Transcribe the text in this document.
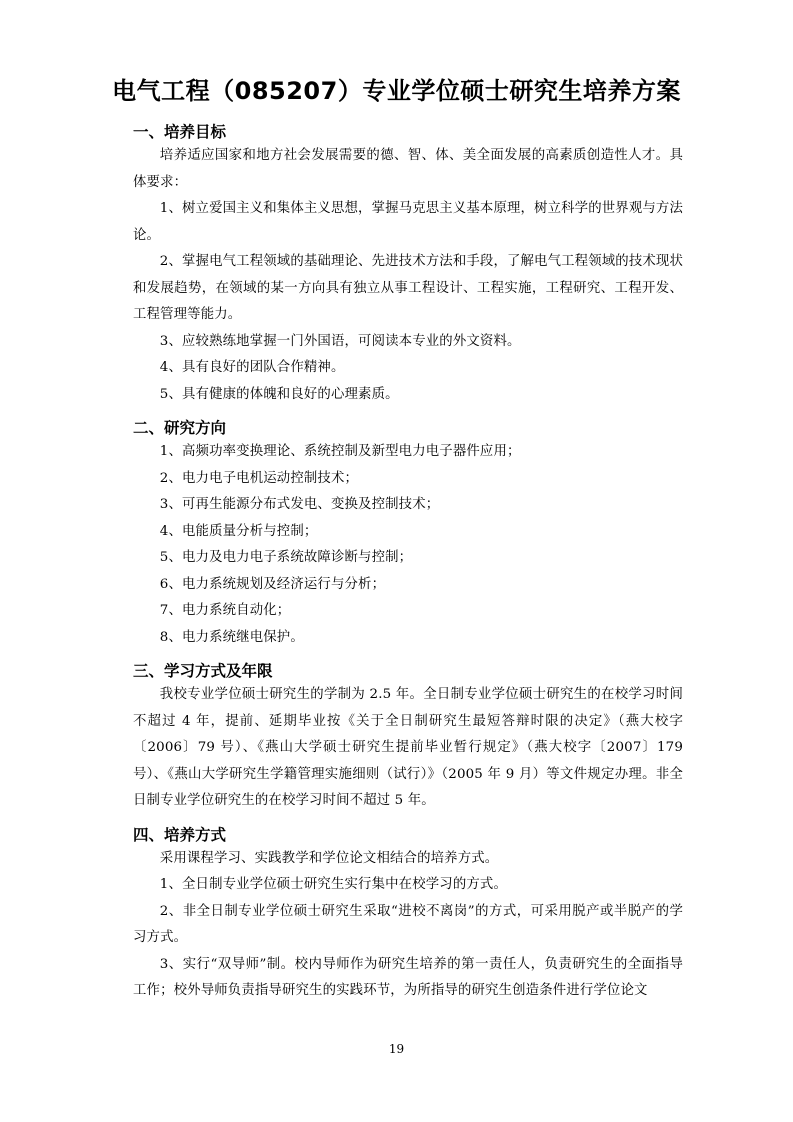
电气工程（085207）专业学位硕士研究生培养方案

一、培养目标

培养适应国家和地方社会发展需要的德、智、体、美全面发展的高素质创造性人才。具体要求：

1、树立爱国主义和集体主义思想，掌握马克思主义基本原理，树立科学的世界观与方法论。

2、掌握电气工程领域的基础理论、先进技术方法和手段，了解电气工程领域的技术现状和发展趋势，在领域的某一方向具有独立从事工程设计、工程实施，工程研究、工程开发、工程管理等能力。

3、应较熟练地掌握一门外国语，可阅读本专业的外文资料。

4、具有良好的团队合作精神。

5、具有健康的体魄和良好的心理素质。

二、研究方向

1、高频功率变换理论、系统控制及新型电力电子器件应用；

2、电力电子电机运动控制技术；

3、可再生能源分布式发电、变换及控制技术；

4、电能质量分析与控制；

5、电力及电力电子系统故障诊断与控制；

6、电力系统规划及经济运行与分析；

7、电力系统自动化；

8、电力系统继电保护。

三、学习方式及年限

我校专业学位硕士研究生的学制为 2.5 年。全日制专业学位硕士研究生的在校学习时间不超过 4 年，提前、延期毕业按《关于全日制研究生最短答辩时限的决定》（燕大校字〔2006〕79 号）、《燕山大学硕士研究生提前毕业暂行规定》（燕大校字〔2007〕179 号）、《燕山大学研究生学籍管理实施细则（试行）》（2005 年 9 月）等文件规定办理。非全日制专业学位研究生的在校学习时间不超过 5 年。

四、培养方式

采用课程学习、实践教学和学位论文相结合的培养方式。

1、全日制专业学位硕士研究生实行集中在校学习的方式。

2、非全日制专业学位硕士研究生采取“进校不离岗”的方式，可采用脱产或半脱产的学习方式。

3、实行“双导师”制。校内导师作为研究生培养的第一责任人，负责研究生的全面指导工作；校外导师负责指导研究生的实践环节，为所指导的研究生创造条件进行学位论文

19
